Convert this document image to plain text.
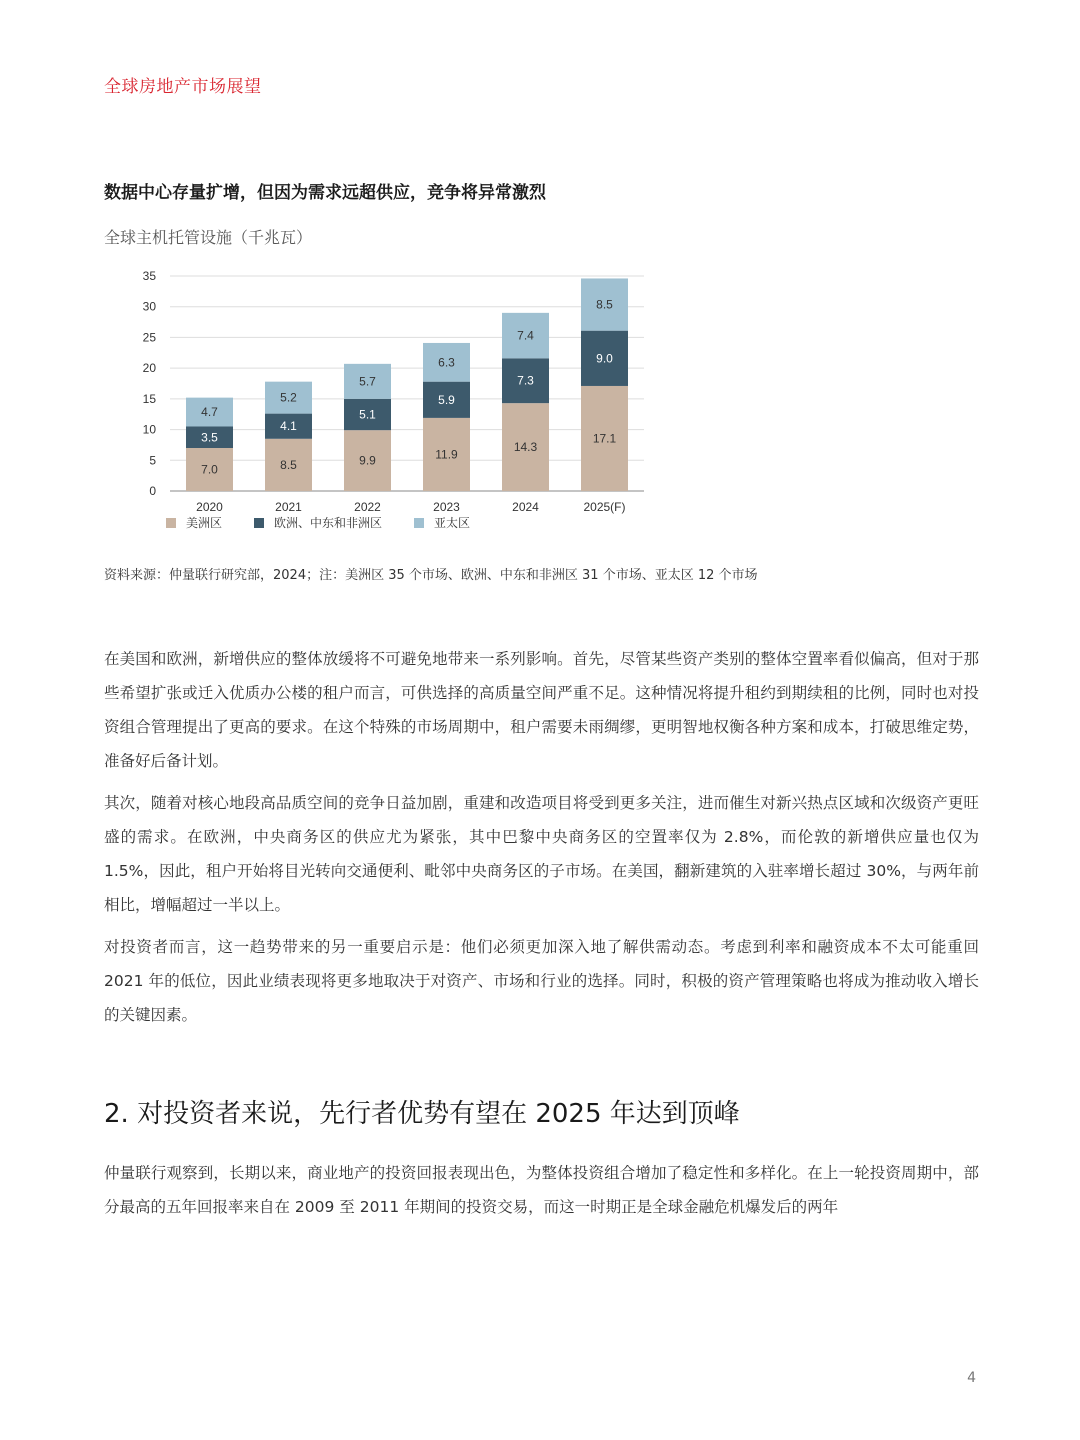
全球房地产市场展望
数据中心存量扩增，但因为需求远超供应，竞争将异常激烈
全球主机托管设施（千兆瓦）
0
5
10
15
20
25
30
35
7.0
3.5
4.7
2020
8.5
4.1
5.2
2021
9.9
5.1
5.7
2022
11.9
5.9
6.3
2023
14.3
7.3
7.4
2024
17.1
9.0
8.5
2025(F)
美洲区	欧洲、中东和非洲区	亚太区
资料来源：仲量联行研究部，2024；注：美洲区 35 个市场、欧洲、中东和非洲区 31 个市场、亚太区 12 个市场

在美国和欧洲，新增供应的整体放缓将不可避免地带来一系列影响。首先，尽管某些资产类别的整体空置率看似偏高，但对于那些希望扩张或迁入优质办公楼的租户而言，可供选择的高质量空间严重不足。这种情况将提升租约到期续租的比例，同时也对投资组合管理提出了更高的要求。在这个特殊的市场周期中，租户需要未雨绸缪，更明智地权衡各种方案和成本，打破思维定势，准备好后备计划。

其次，随着对核心地段高品质空间的竞争日益加剧，重建和改造项目将受到更多关注，进而催生对新兴热点区域和次级资产更旺盛的需求。在欧洲，中央商务区的供应尤为紧张，其中巴黎中央商务区的空置率仅为 2.8%，而伦敦的新增供应量也仅为 1.5%，因此，租户开始将目光转向交通便利、毗邻中央商务区的子市场。在美国，翻新建筑的入驻率增长超过 30%，与两年前相比，增幅超过一半以上。

对投资者而言，这一趋势带来的另一重要启示是：他们必须更加深入地了解供需动态。考虑到利率和融资成本不太可能重回 2021 年的低位，因此业绩表现将更多地取决于对资产、市场和行业的选择。同时，积极的资产管理策略也将成为推动收入增长的关键因素。

2. 对投资者来说，先行者优势有望在 2025 年达到顶峰

仲量联行观察到，长期以来，商业地产的投资回报表现出色，为整体投资组合增加了稳定性和多样化。在上一轮投资周期中，部分最高的五年回报率来自在 2009 至 2011 年期间的投资交易，而这一时期正是全球金融危机爆发后的两年

4
